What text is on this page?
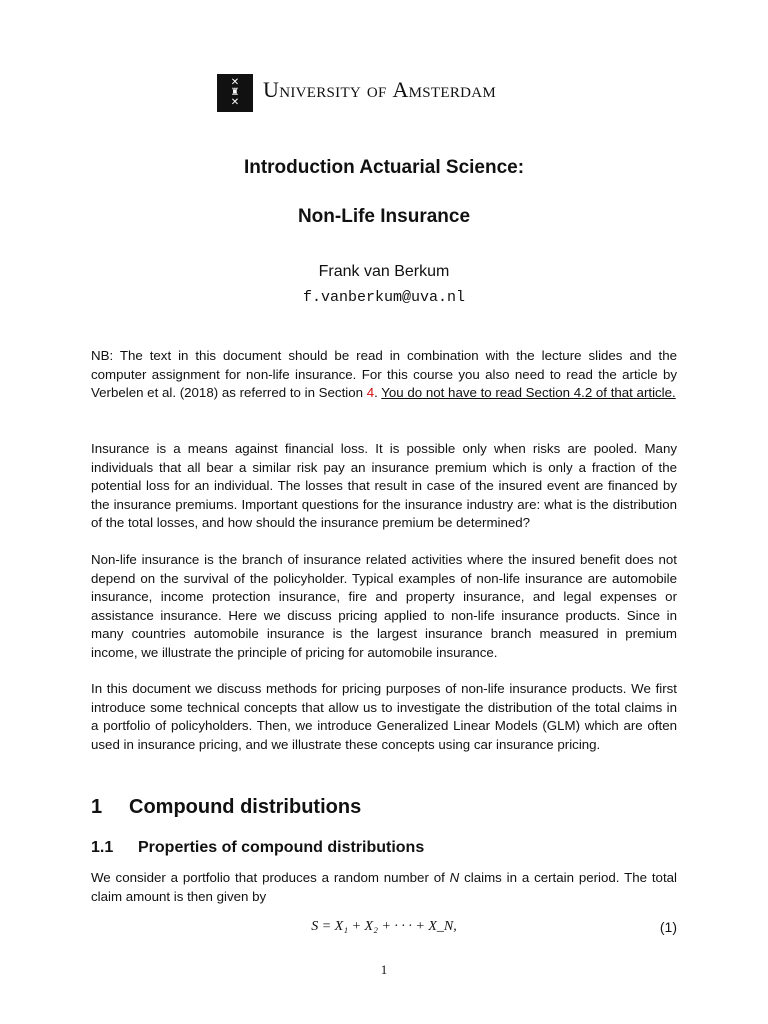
✕
♜
✕
University of Amsterdam
Introduction Actuarial Science:
Non-Life Insurance
Frank van Berkum
f.vanberkum@uva.nl

NB: The text in this document should be read in combination with the lecture slides and the computer assignment for non-life insurance. For this course you also need to read the article by Verbelen et al. (2018) as referred to in Section 4. You do not have to read Section 4.2 of that article.

Insurance is a means against financial loss. It is possible only when risks are pooled. Many individuals that all bear a similar risk pay an insurance premium which is only a fraction of the potential loss for an individual. The losses that result in case of the insured event are financed by the insurance premiums. Important questions for the insurance industry are: what is the distribution of the total losses, and how should the insurance premium be determined?

Non-life insurance is the branch of insurance related activities where the insured benefit does not depend on the survival of the policyholder. Typical examples of non-life insurance are automobile insurance, income protection insurance, fire and property insurance, and legal expenses or assistance insurance. Here we discuss pricing applied to non-life insurance products. Since in many countries automobile insurance is the largest insurance branch measured in premium income, we illustrate the principle of pricing for automobile insurance.

In this document we discuss methods for pricing purposes of non-life insurance products. We first introduce some technical concepts that allow us to investigate the distribution of the total claims in a portfolio of policyholders. Then, we introduce Generalized Linear Models (GLM) which are often used in insurance pricing, and we illustrate these concepts using car insurance pricing.

1 Compound distributions
1.1 Properties of compound distributions

We consider a portfolio that produces a random number of N claims in a certain period. The total claim amount is then given by

S = X₁ + X₂ + · · · + X_N,	(1)
1
